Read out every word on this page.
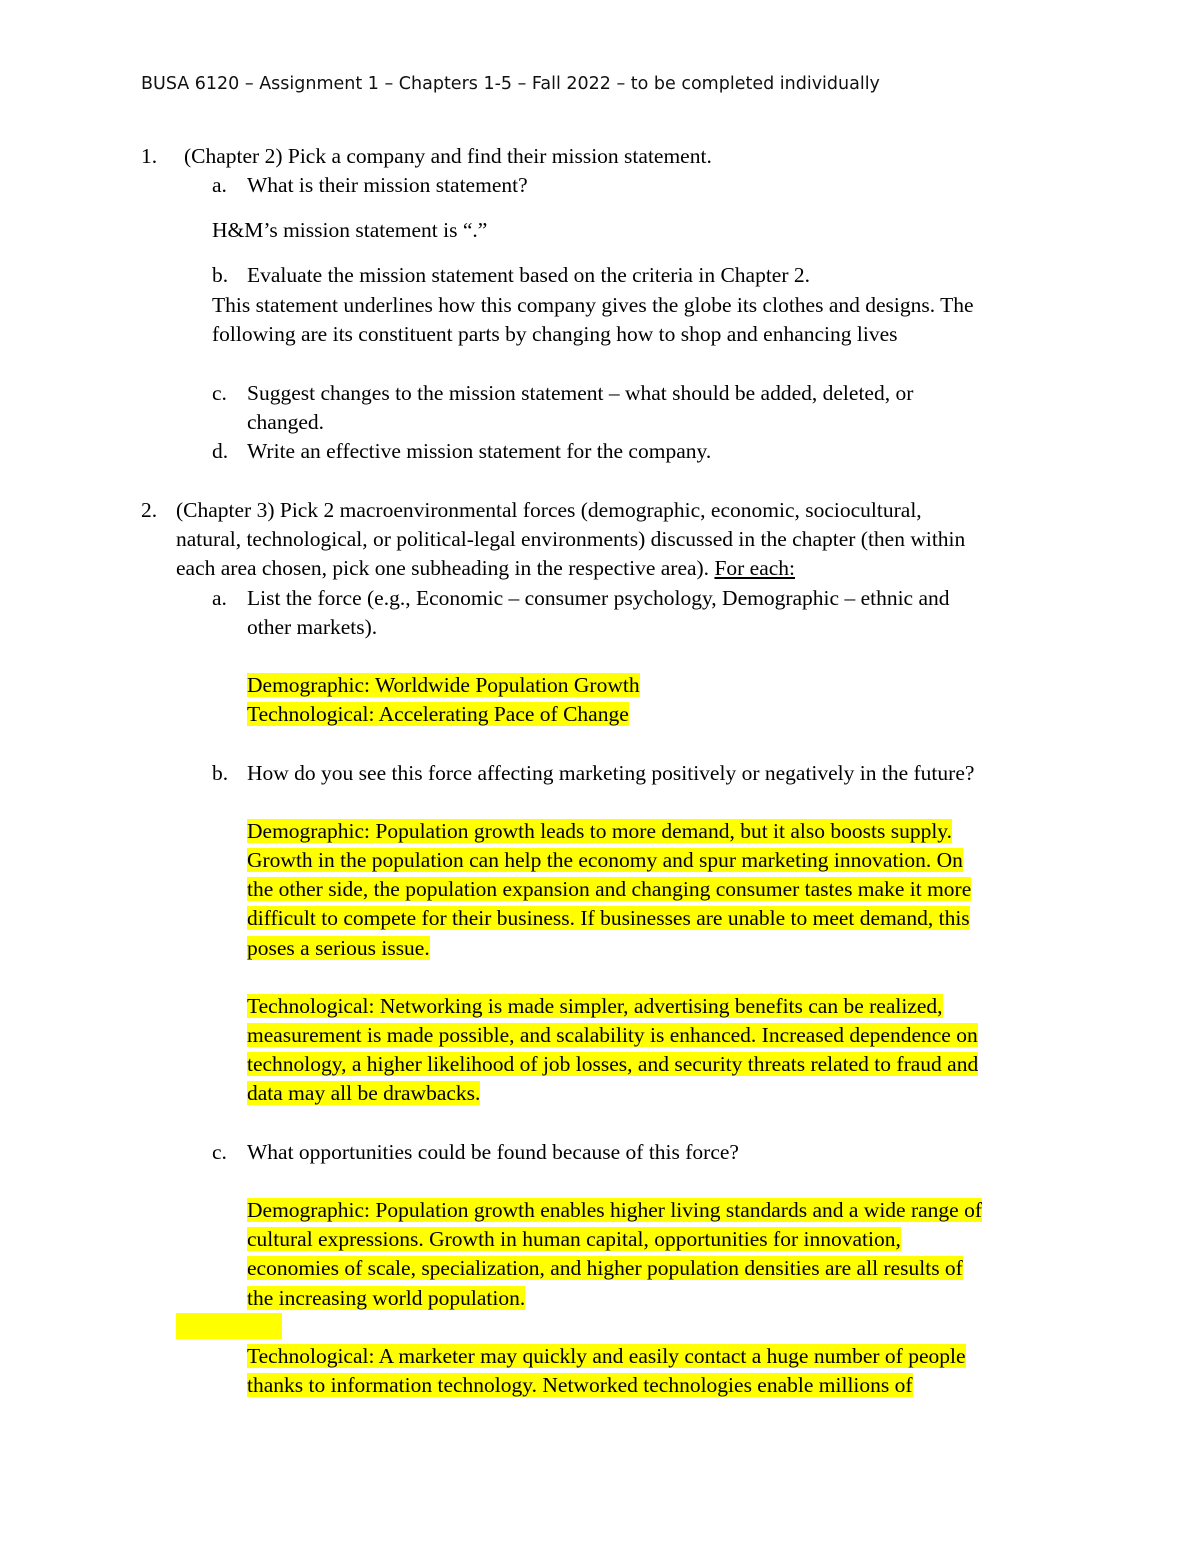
BUSA 6120 – Assignment 1 – Chapters 1-5 – Fall 2022 – to be completed individually
1. (Chapter 2) Pick a company and find their mission statement.
a. What is their mission statement?
H&M’s mission statement is “.”
b. Evaluate the mission statement based on the criteria in Chapter 2.
This statement underlines how this company gives the globe its clothes and designs. The
following are its constituent parts by changing how to shop and enhancing lives
c. Suggest changes to the mission statement – what should be added, deleted, or
changed.
d. Write an effective mission statement for the company.
2. (Chapter 3) Pick 2 macroenvironmental forces (demographic, economic, sociocultural,
natural, technological, or political-legal environments) discussed in the chapter (then within
each area chosen, pick one subheading in the respective area). For each:
a. List the force (e.g., Economic – consumer psychology, Demographic – ethnic and
other markets).
Demographic: Worldwide Population Growth
Technological: Accelerating Pace of Change
b. How do you see this force affecting marketing positively or negatively in the future?
Demographic: Population growth leads to more demand, but it also boosts supply.
Growth in the population can help the economy and spur marketing innovation. On
the other side, the population expansion and changing consumer tastes make it more
difficult to compete for their business. If businesses are unable to meet demand, this
poses a serious issue.
Technological: Networking is made simpler, advertising benefits can be realized,
measurement is made possible, and scalability is enhanced. Increased dependence on
technology, a higher likelihood of job losses, and security threats related to fraud and
data may all be drawbacks.
c. What opportunities could be found because of this force?
Demographic: Population growth enables higher living standards and a wide range of
cultural expressions. Growth in human capital, opportunities for innovation,
economies of scale, specialization, and higher population densities are all results of
the increasing world population.
Technological: A marketer may quickly and easily contact a huge number of people
thanks to information technology. Networked technologies enable millions of
